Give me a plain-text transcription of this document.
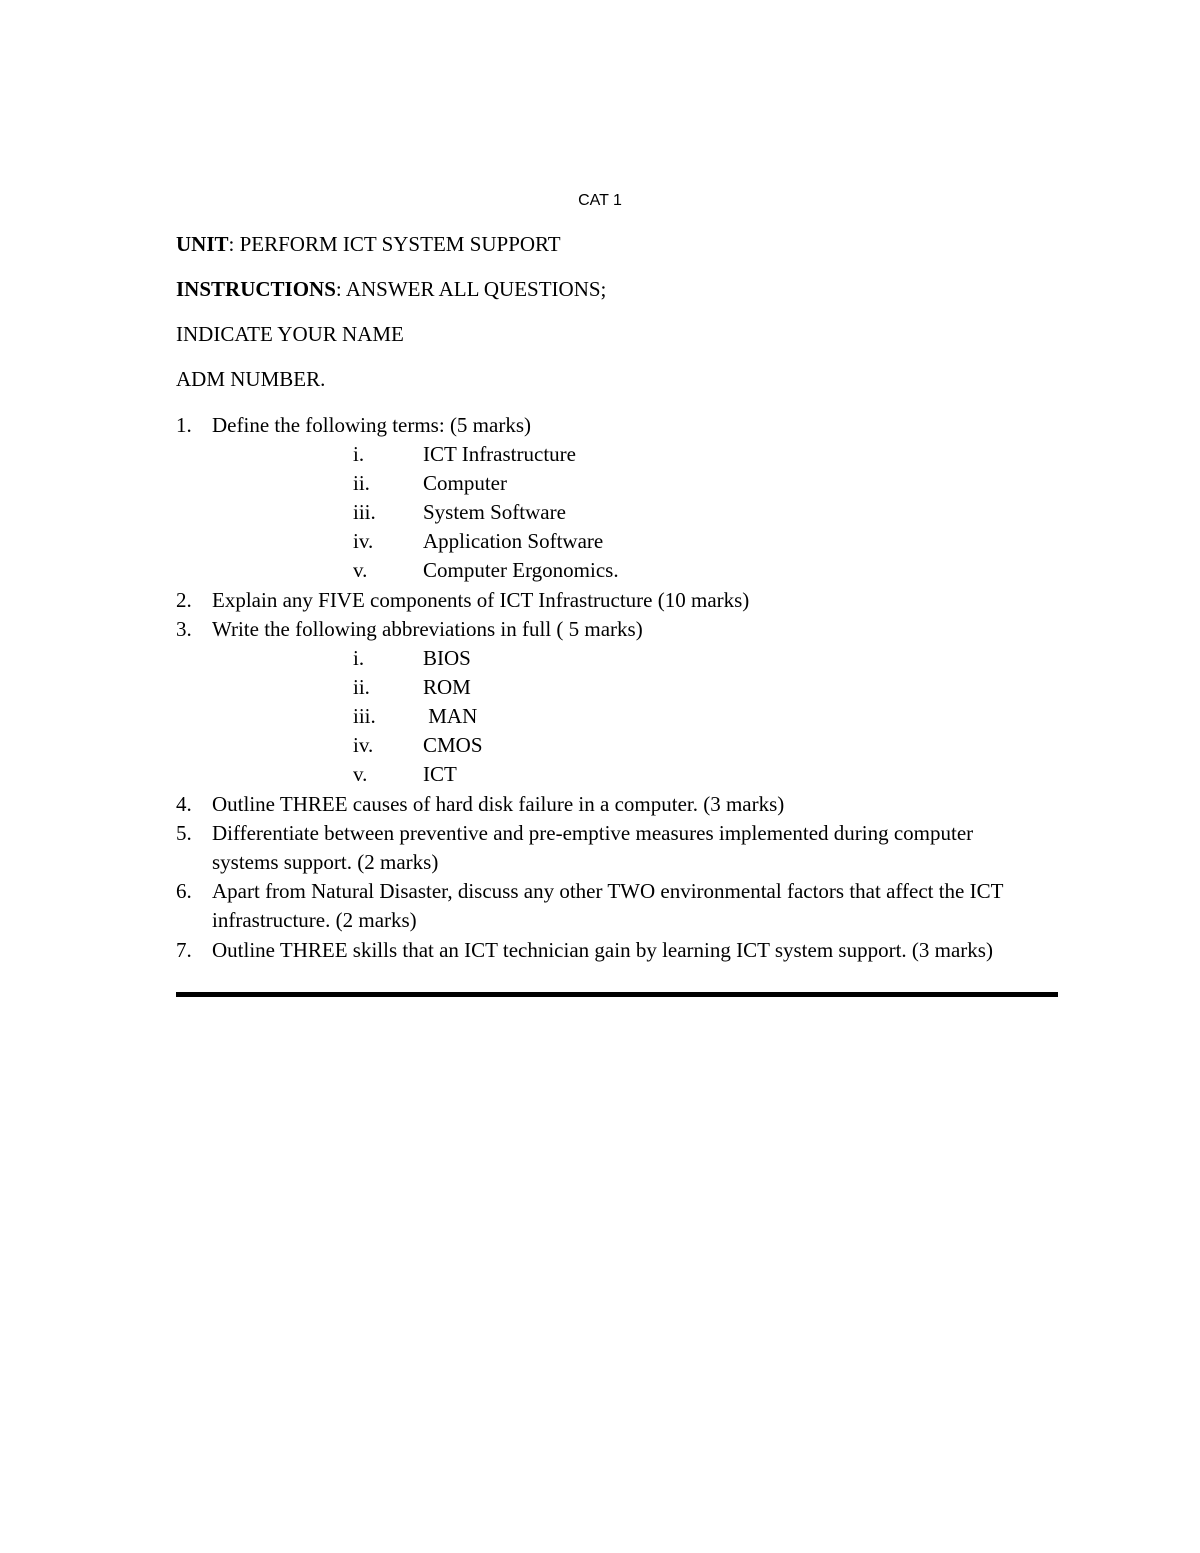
CAT 1
UNIT: PERFORM ICT SYSTEM SUPPORT
INSTRUCTIONS: ANSWER ALL QUESTIONS;
INDICATE YOUR NAME
ADM NUMBER.
1. Define the following terms: (5 marks)
i.	ICT Infrastructure
ii.	Computer
iii. System Software
iv. Application Software
v.	Computer Ergonomics.
2. Explain any FIVE components of ICT Infrastructure (10 marks)
3. Write the following abbreviations in full ( 5 marks)
i.	BIOS
ii.	ROM
iii. MAN
iv. CMOS
v.	ICT
4. Outline THREE causes of hard disk failure in a computer. (3 marks)
5. Differentiate between preventive and pre-emptive measures implemented during computer systems support. (2 marks)
6. Apart from Natural Disaster, discuss any other TWO environmental factors that affect the ICT infrastructure. (2 marks)
7. Outline THREE skills that an ICT technician gain by learning ICT system support. (3 marks)
